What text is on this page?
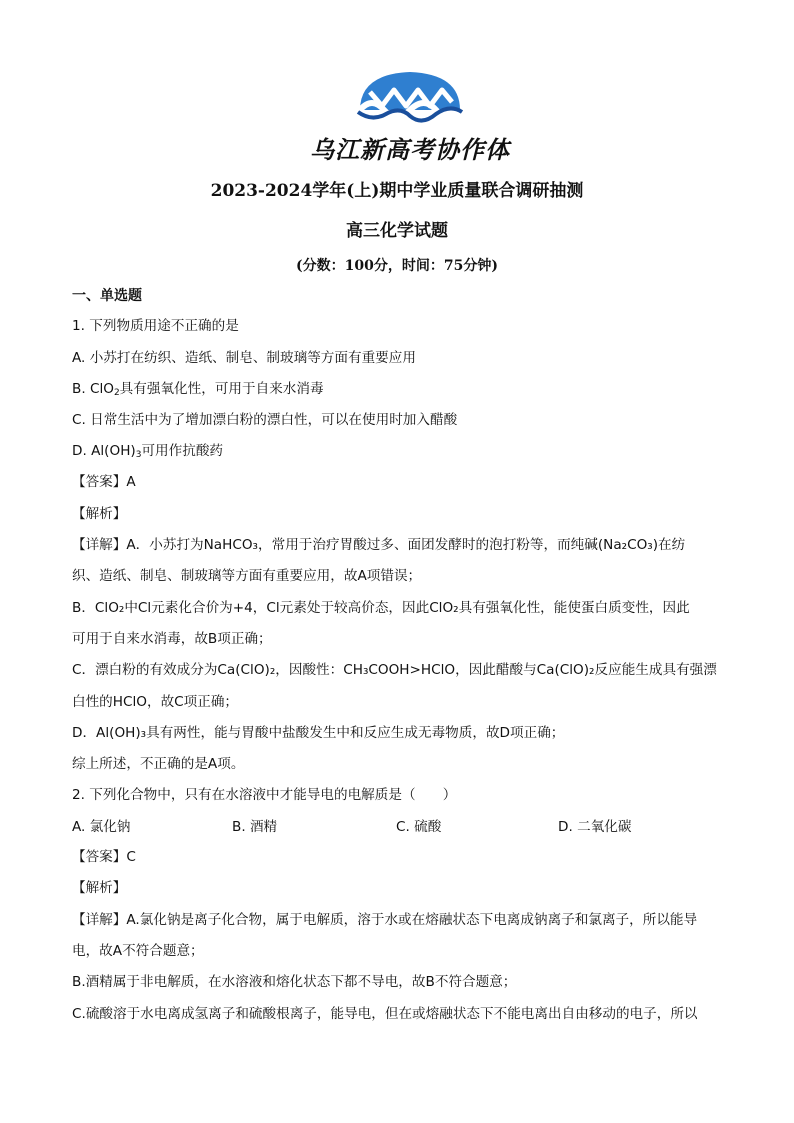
乌江新高考协作体
2023-2024学年(上)期中学业质量联合调研抽测
高三化学试题
(分数：100分，时间：75分钟)
一、单选题
1. 下列物质用途不正确的是
A. 小苏打在纺织、造纸、制皂、制玻璃等方面有重要应用
B. ClO$_2$具有强氧化性，可用于自来水消毒
C. 日常生活中为了增加漂白粉的漂白性，可以在使用时加入醋酸
D. $Al(OH)_3$可用作抗酸药
【答案】A
【解析】
【详解】A．小苏打为NaHCO₃，常用于治疗胃酸过多、面团发酵时的泡打粉等，而纯碱(Na₂CO₃)在纺
织、造纸、制皂、制玻璃等方面有重要应用，故A项错误；
B．ClO₂中Cl元素化合价为+4，Cl元素处于较高价态，因此ClO₂具有强氧化性，能使蛋白质变性，因此
可用于自来水消毒，故B项正确；
C．漂白粉的有效成分为Ca(ClO)₂，因酸性：CH₃COOH>HClO，因此醋酸与Ca(ClO)₂反应能生成具有强漂
白性的HClO，故C项正确；
D．Al(OH)₃具有两性，能与胃酸中盐酸发生中和反应生成无毒物质，故D项正确；
综上所述，不正确的是A项。
2. 下列化合物中，只有在水溶液中才能导电的电解质是（　　）
A. 氯化钠	B. 酒精	C. 硫酸	D. 二氧化碳
【答案】C
【解析】
【详解】A.氯化钠是离子化合物，属于电解质，溶于水或在熔融状态下电离成钠离子和氯离子，所以能导
电，故A不符合题意；
B.酒精属于非电解质，在水溶液和熔化状态下都不导电，故B不符合题意；
C.硫酸溶于水电离成氢离子和硫酸根离子，能导电，但在或熔融状态下不能电离出自由移动的电子，所以
